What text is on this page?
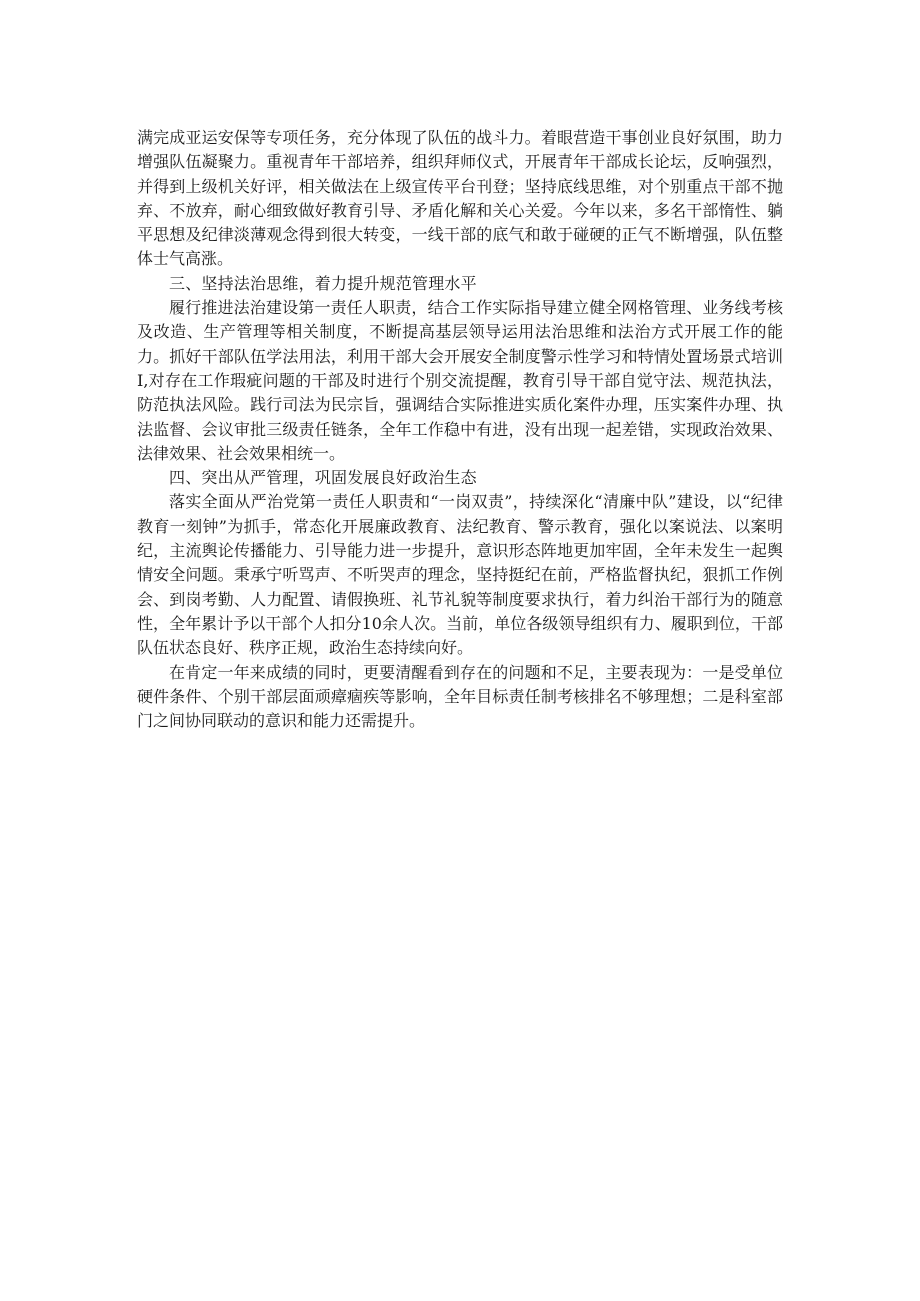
满完成亚运安保等专项任务，充分体现了队伍的战斗力。着眼营造干事创业良好氛围，助力增强队伍凝聚力。重视青年干部培养，组织拜师仪式，开展青年干部成长论坛，反响强烈，并得到上级机关好评，相关做法在上级宣传平台刊登；坚持底线思维，对个别重点干部不抛弃、不放弃，耐心细致做好教育引导、矛盾化解和关心关爱。今年以来，多名干部惰性、躺平思想及纪律淡薄观念得到很大转变，一线干部的底气和敢于碰硬的正气不断增强，队伍整体士气高涨。

三、坚持法治思维，着力提升规范管理水平

履行推进法治建设第一责任人职责，结合工作实际指导建立健全网格管理、业务线考核及改造、生产管理等相关制度，不断提高基层领导运用法治思维和法治方式开展工作的能力。抓好干部队伍学法用法，利用干部大会开展安全制度警示性学习和特情处置场景式培训I,对存在工作瑕疵问题的干部及时进行个别交流提醒，教育引导干部自觉守法、规范执法，防范执法风险。践行司法为民宗旨，强调结合实际推进实质化案件办理，压实案件办理、执法监督、会议审批三级责任链条，全年工作稳中有进，没有出现一起差错，实现政治效果、法律效果、社会效果相统一。

四、突出从严管理，巩固发展良好政治生态

落实全面从严治党第一责任人职责和“一岗双责”，持续深化“清廉中队”建设，以“纪律教育一刻钟”为抓手，常态化开展廉政教育、法纪教育、警示教育，强化以案说法、以案明纪，主流舆论传播能力、引导能力进一步提升，意识形态阵地更加牢固，全年未发生一起舆情安全问题。秉承宁听骂声、不听哭声的理念，坚持挺纪在前，严格监督执纪，狠抓工作例会、到岗考勤、人力配置、请假换班、礼节礼貌等制度要求执行，着力纠治干部行为的随意性，全年累计予以干部个人扣分10余人次。当前，单位各级领导组织有力、履职到位，干部队伍状态良好、秩序正规，政治生态持续向好。

在肯定一年来成绩的同时，更要清醒看到存在的问题和不足，主要表现为：一是受单位硬件条件、个别干部层面顽瘴痼疾等影响，全年目标责任制考核排名不够理想；二是科室部门之间协同联动的意识和能力还需提升。
